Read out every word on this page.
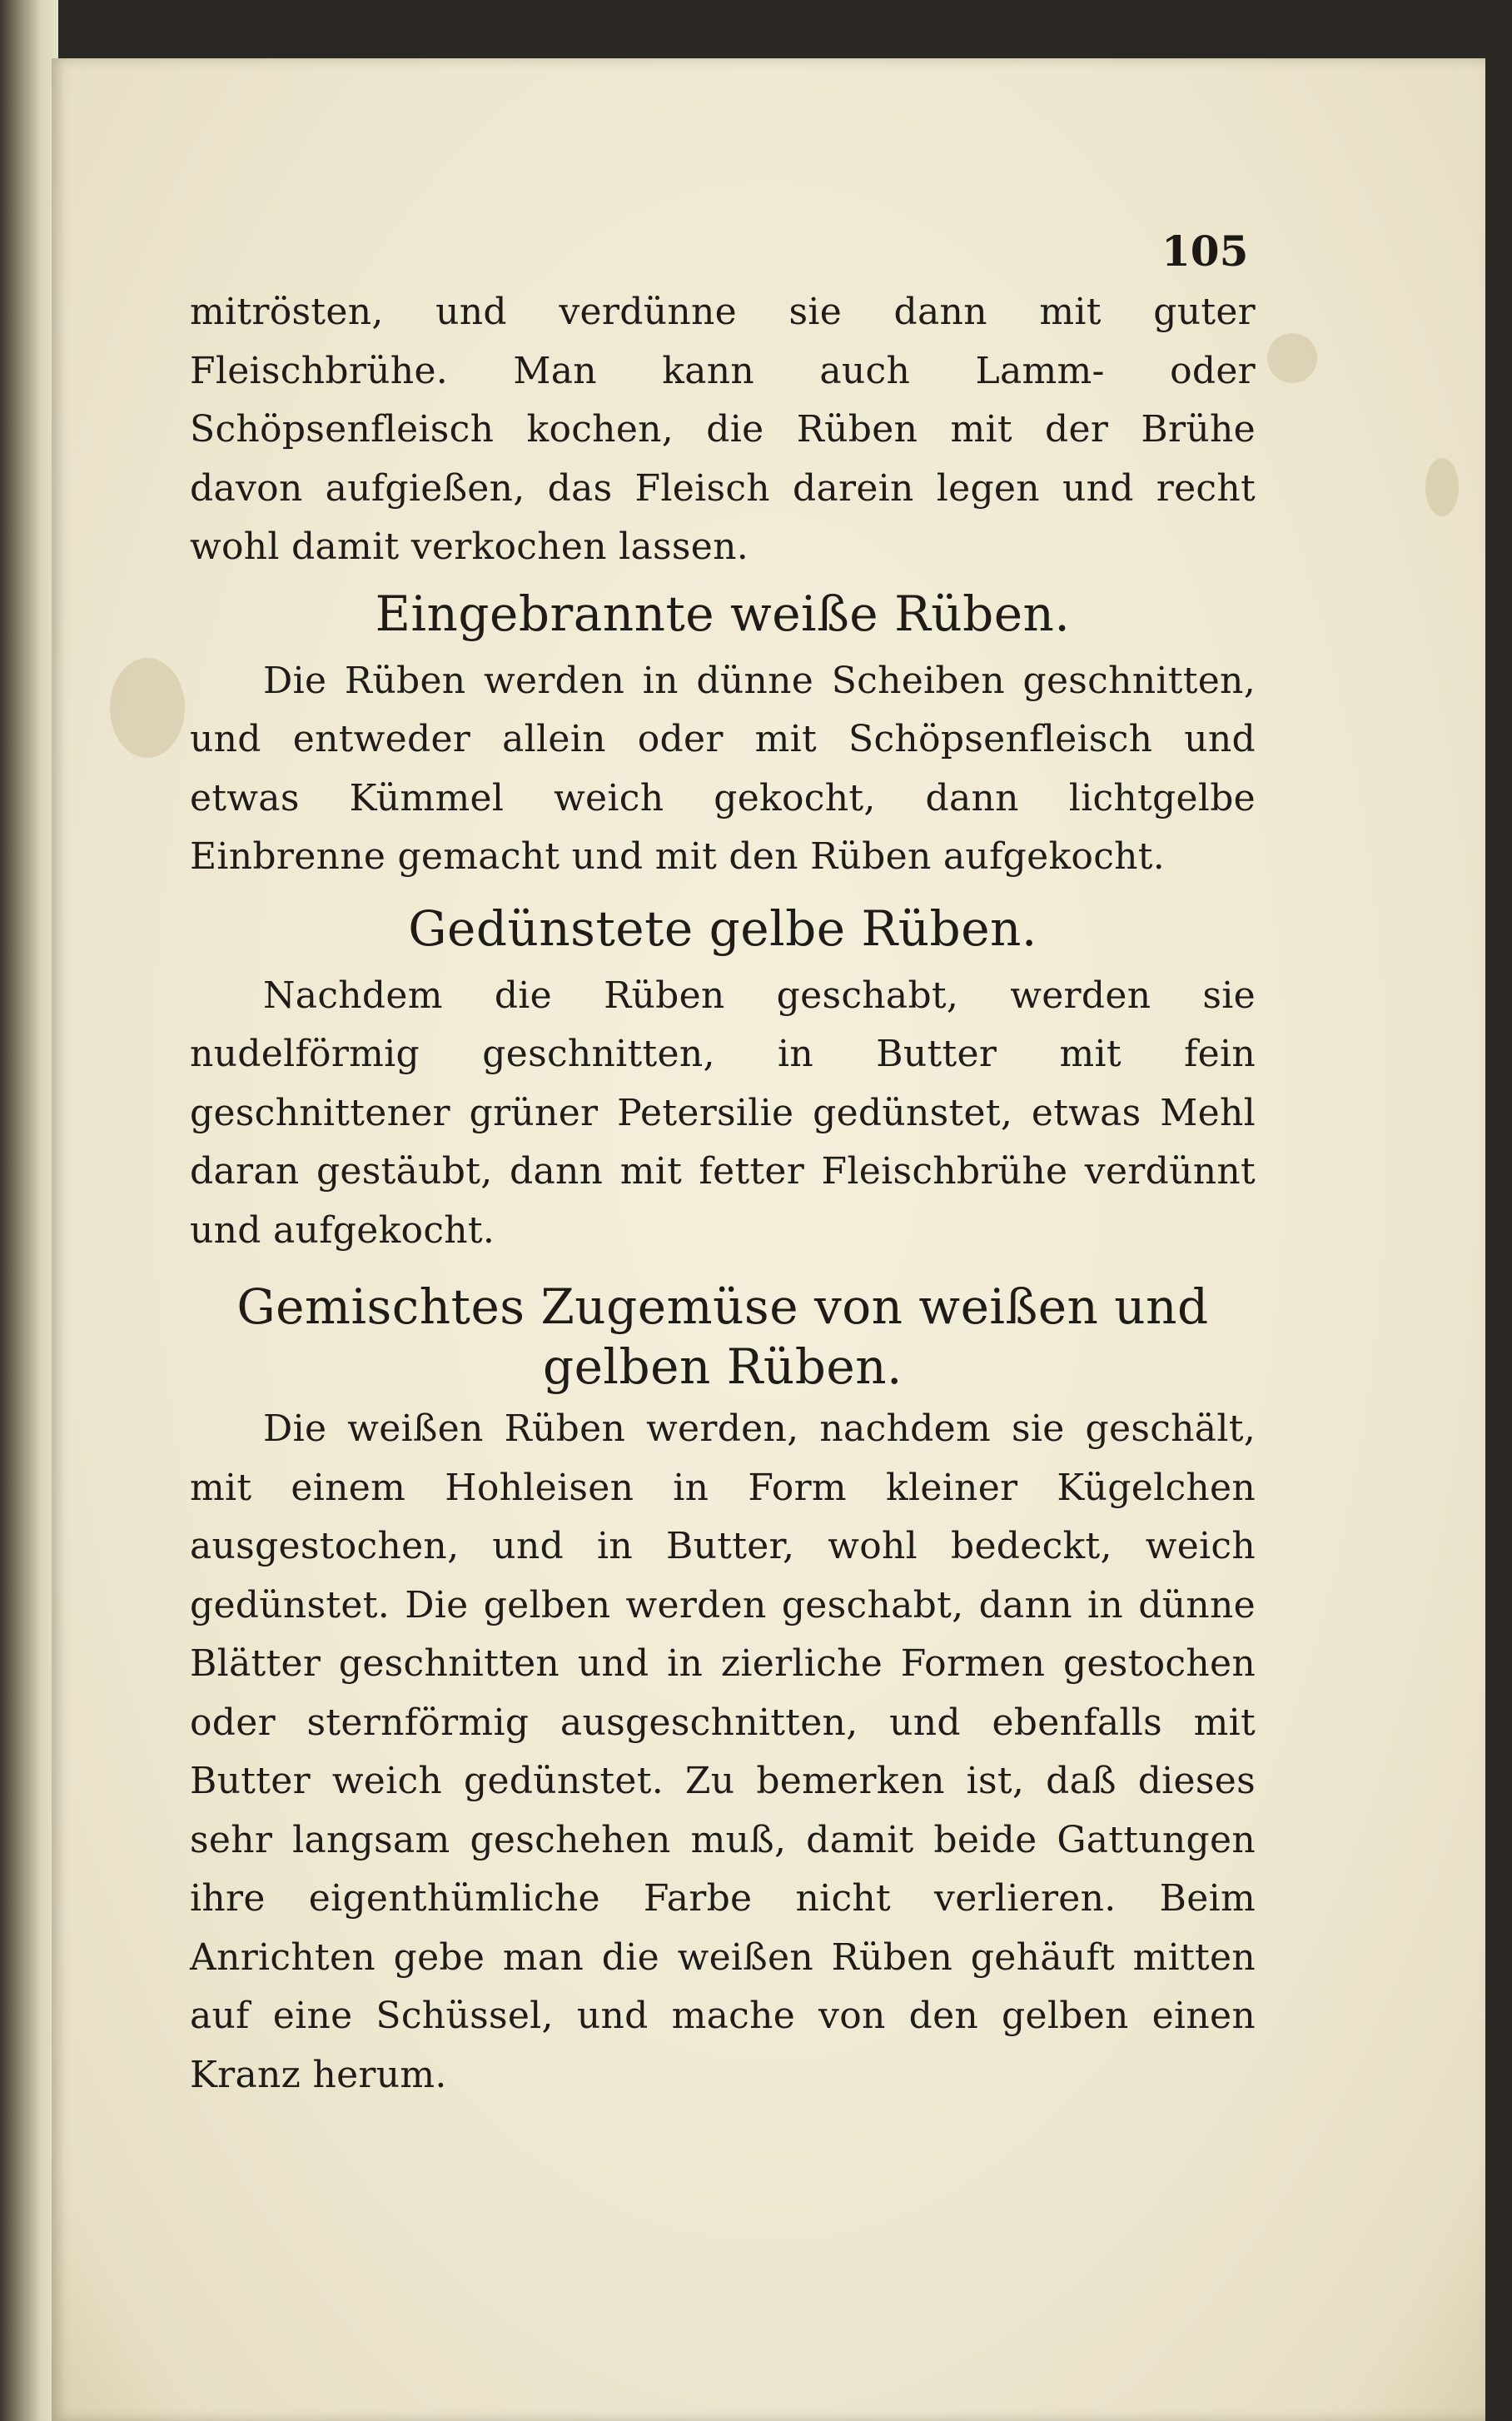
105

mitrösten, und verdünne sie dann mit guter Fleischbrühe. Man kann auch Lamm- oder Schöpsenfleisch kochen, die Rüben mit der Brühe davon aufgießen, das Fleisch darein legen und recht wohl damit verkochen lassen.

Eingebrannte weiße Rüben.

Die Rüben werden in dünne Scheiben geschnitten, und entweder allein oder mit Schöpsenfleisch und etwas Kümmel weich gekocht, dann lichtgelbe Einbrenne gemacht und mit den Rüben aufgekocht.

Gedünstete gelbe Rüben.

Nachdem die Rüben geschabt, werden sie nudelförmig geschnitten, in Butter mit fein geschnittener grüner Petersilie gedünstet, etwas Mehl daran gestäubt, dann mit fetter Fleischbrühe verdünnt und aufgekocht.

Gemischtes Zugemüse von weißen und gelben Rüben.

Die weißen Rüben werden, nachdem sie geschält, mit einem Hohleisen in Form kleiner Kügelchen ausgestochen, und in Butter, wohl bedeckt, weich gedünstet. Die gelben werden geschabt, dann in dünne Blätter geschnitten und in zierliche Formen gestochen oder sternförmig ausgeschnitten, und ebenfalls mit Butter weich gedünstet. Zu bemerken ist, daß dieses sehr langsam geschehen muß, damit beide Gattungen ihre eigenthümliche Farbe nicht verlieren. Beim Anrichten gebe man die weißen Rüben gehäuft mitten auf eine Schüssel, und mache von den gelben einen Kranz herum.
